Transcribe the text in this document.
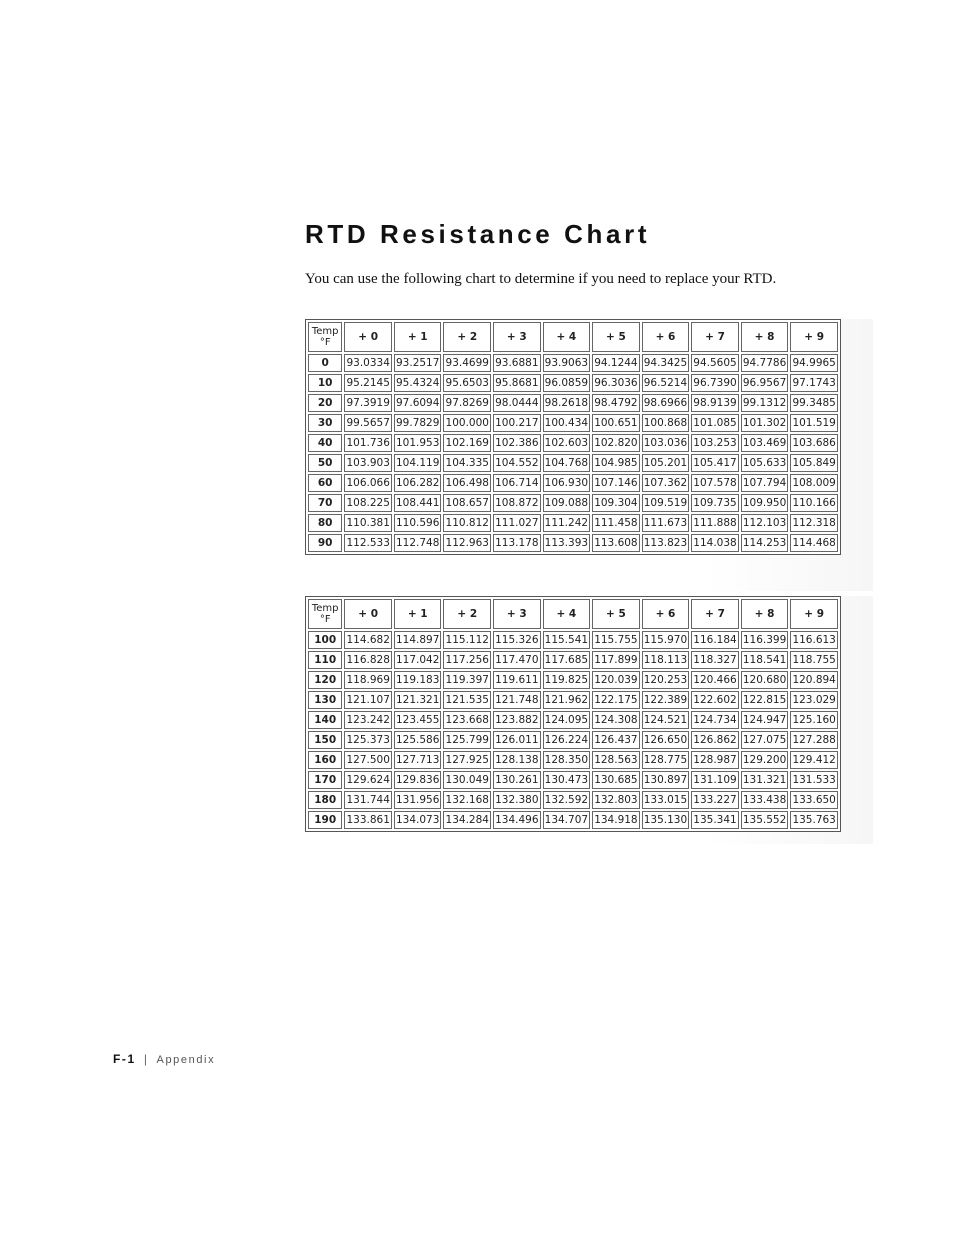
RTD Resistance Chart

You can use the following chart to determine if you need to replace your RTD.

Temp
°F	+ 0	+ 1	+ 2	+ 3	+ 4	+ 5	+ 6	+ 7	+ 8	+ 9
0	93.0334	93.2517	93.4699	93.6881	93.9063	94.1244	94.3425	94.5605	94.7786	94.9965
10	95.2145	95.4324	95.6503	95.8681	96.0859	96.3036	96.5214	96.7390	96.9567	97.1743
20	97.3919	97.6094	97.8269	98.0444	98.2618	98.4792	98.6966	98.9139	99.1312	99.3485
30	99.5657	99.7829	100.000	100.217	100.434	100.651	100.868	101.085	101.302	101.519
40	101.736	101.953	102.169	102.386	102.603	102.820	103.036	103.253	103.469	103.686
50	103.903	104.119	104.335	104.552	104.768	104.985	105.201	105.417	105.633	105.849
60	106.066	106.282	106.498	106.714	106.930	107.146	107.362	107.578	107.794	108.009
70	108.225	108.441	108.657	108.872	109.088	109.304	109.519	109.735	109.950	110.166
80	110.381	110.596	110.812	111.027	111.242	111.458	111.673	111.888	112.103	112.318
90	112.533	112.748	112.963	113.178	113.393	113.608	113.823	114.038	114.253	114.468
Temp
°F	+ 0	+ 1	+ 2	+ 3	+ 4	+ 5	+ 6	+ 7	+ 8	+ 9
100	114.682	114.897	115.112	115.326	115.541	115.755	115.970	116.184	116.399	116.613
110	116.828	117.042	117.256	117.470	117.685	117.899	118.113	118.327	118.541	118.755
120	118.969	119.183	119.397	119.611	119.825	120.039	120.253	120.466	120.680	120.894
130	121.107	121.321	121.535	121.748	121.962	122.175	122.389	122.602	122.815	123.029
140	123.242	123.455	123.668	123.882	124.095	124.308	124.521	124.734	124.947	125.160
150	125.373	125.586	125.799	126.011	126.224	126.437	126.650	126.862	127.075	127.288
160	127.500	127.713	127.925	128.138	128.350	128.563	128.775	128.987	129.200	129.412
170	129.624	129.836	130.049	130.261	130.473	130.685	130.897	131.109	131.321	131.533
180	131.744	131.956	132.168	132.380	132.592	132.803	133.015	133.227	133.438	133.650
190	133.861	134.073	134.284	134.496	134.707	134.918	135.130	135.341	135.552	135.763
F-1 | Appendix
